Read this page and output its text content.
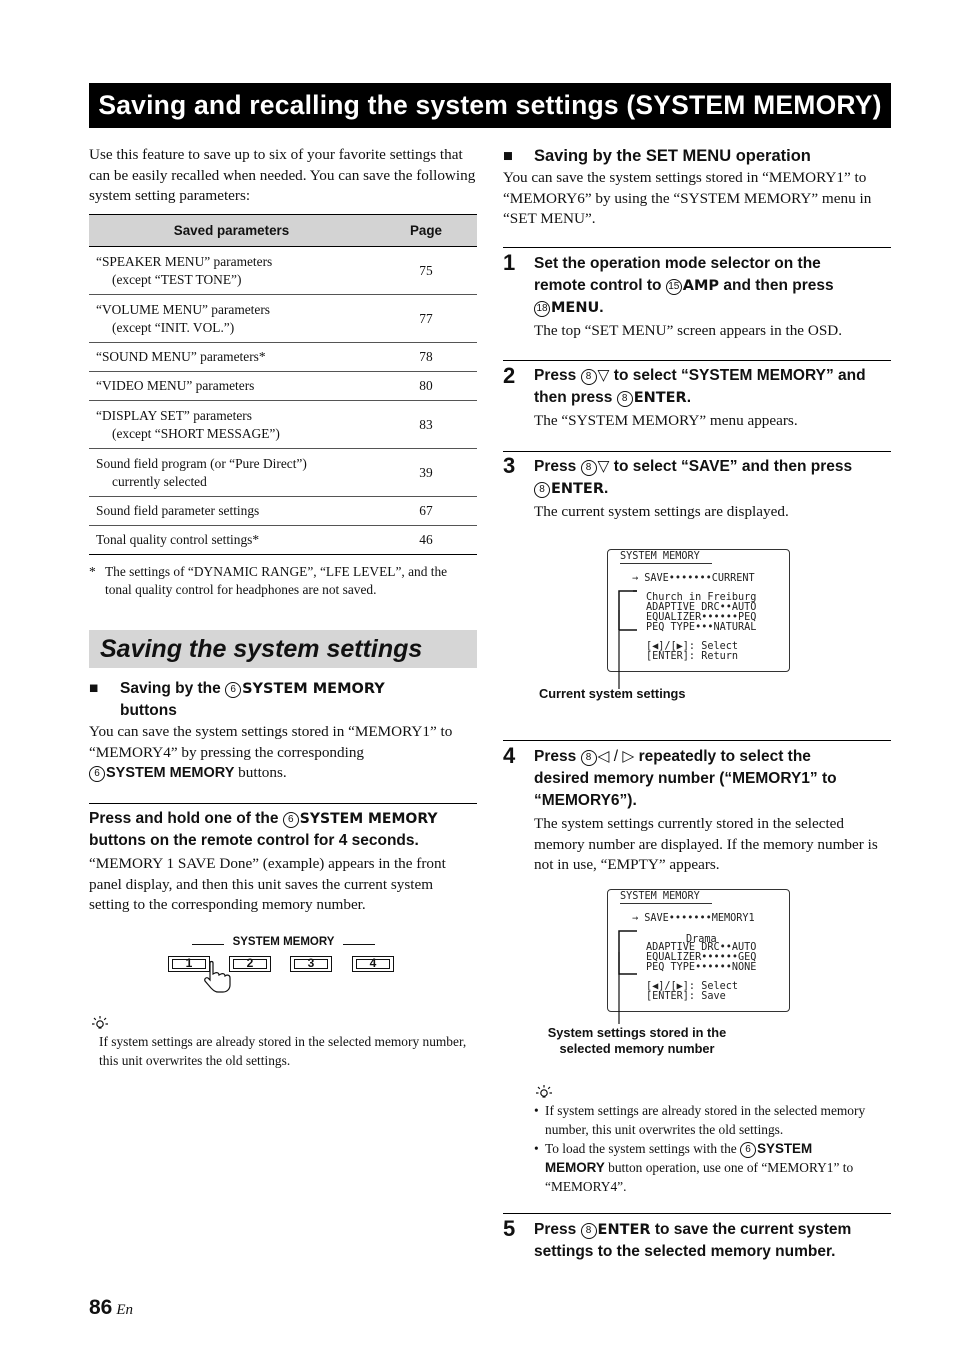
Saving and recalling the system settings (SYSTEM MEMORY)
Use this feature to save up to six of your favorite settings that can be easily recalled when needed. You can save the following system setting parameters:
Saved parameters	Page
“SPEAKER MENU” parameters
(except “TEST TONE”)	75
“VOLUME MENU” parameters
(except “INIT. VOL.”)	77
“SOUND MENU” parameters*	78
“VIDEO MENU” parameters	80
“DISPLAY SET” parameters
(except “SHORT MESSAGE”)	83
Sound field program (or “Pure Direct”)
currently selected	39
Sound field parameter settings	67
Tonal quality control settings*	46
* The settings of “DYNAMIC RANGE”, “LFE LEVEL”, and the tonal quality control for headphones are not saved.
Saving the system settings
■ Saving by the 6 SYSTEM MEMORY
buttons
You can save the system settings stored in “MEMORY1” to “MEMORY4” by pressing the corresponding
6 SYSTEM MEMORY buttons.
Press and hold one of the 6 SYSTEM MEMORY buttons on the remote control for 4 seconds.
“MEMORY 1 SAVE Done” (example) appears in the front panel display, and then this unit saves the current system setting to the corresponding memory number.
SYSTEM MEMORY
1	2	3	4
If system settings are already stored in the selected memory number, this unit overwrites the old settings.
86 En
■ Saving by the SET MENU operation
You can save the system settings stored in “MEMORY1” to “MEMORY6” by using the “SYSTEM MEMORY” menu in “SET MENU”.
1 Set the operation mode selector on the
remote control to 15 AMP and then press
18 MENU.
The top “SET MENU” screen appears in the OSD.
2 Press 8 ▽ to select “SYSTEM MEMORY” and
then press 8 ENTER.
The “SYSTEM MEMORY” menu appears.
3 Press 8 ▽ to select “SAVE” and then press
8 ENTER.
The current system settings are displayed.
SYSTEM MEMORY
→ SAVE•••••••CURRENT
Church in Freiburg
ADAPTIVE DRC••AUTO
EQUALIZER••••••PEQ
PEQ TYPE•••NATURAL
[◀]/[▶]: Select
[ENTER]: Return
Current system settings
4 Press 8 ◁ / ▷ repeatedly to select the
desired memory number (“MEMORY1” to
“MEMORY6”).
The system settings currently stored in the selected memory number are displayed. If the memory number is not in use, “EMPTY” appears.
SYSTEM MEMORY
→ SAVE•••••••MEMORY1
Drama
ADAPTIVE DRC••AUTO
EQUALIZER••••••GEQ
PEQ TYPE••••••NONE
[◀]/[▶]: Select
[ENTER]: Save
System settings stored in the
selected memory number
• If system settings are already stored in the selected memory number, this unit overwrites the old settings.
• To load the system settings with the 6 SYSTEM
MEMORY button operation, use one of “MEMORY1” to “MEMORY4”.
5 Press 8 ENTER to save the current system
settings to the selected memory number.
